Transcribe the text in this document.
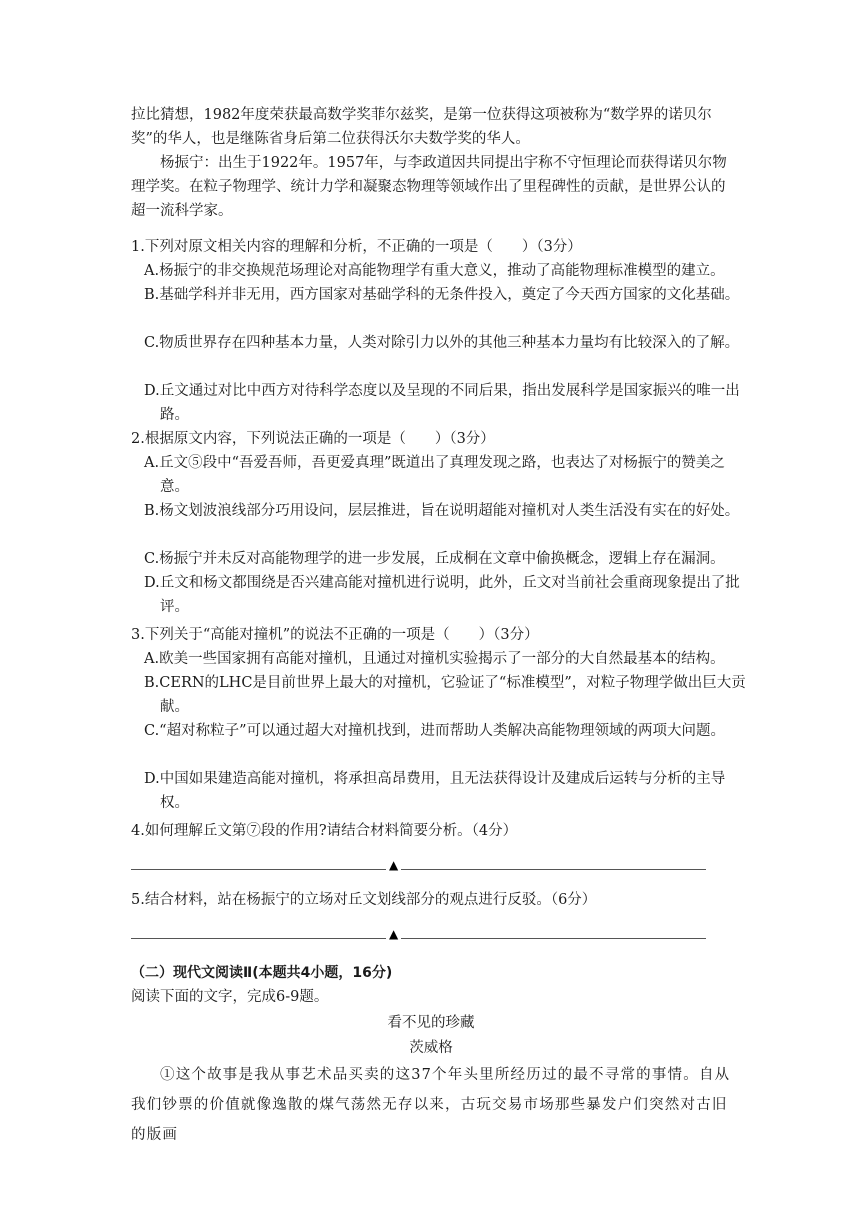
拉比猜想，1982年度荣获最高数学奖菲尔兹奖，是第一位获得这项被称为“数学界的诺贝尔奖”的华人，也是继陈省身后第二位获得沃尔夫数学奖的华人。

杨振宁：出生于1922年。1957年，与李政道因共同提出宇称不守恒理论而获得诺贝尔物理学奖。在粒子物理学、统计力学和凝聚态物理等领域作出了里程碑性的贡献，是世界公认的超一流科学家。

1.下列对原文相关内容的理解和分析，不正确的一项是（　　）（3分）

A.杨振宁的非交换规范场理论对高能物理学有重大意义，推动了高能物理标准模型的建立。

B.基础学科并非无用，西方国家对基础学科的无条件投入，奠定了今天西方国家的文化基础。

C.物质世界存在四种基本力量，人类对除引力以外的其他三种基本力量均有比较深入的了解。

D.丘文通过对比中西方对待科学态度以及呈现的不同后果，指出发展科学是国家振兴的唯一出路。

2.根据原文内容，下列说法正确的一项是（　　）（3分）

A.丘文⑤段中“吾爱吾师，吾更爱真理”既道出了真理发现之路，也表达了对杨振宁的赞美之意。

B.杨文划波浪线部分巧用设问，层层推进，旨在说明超能对撞机对人类生活没有实在的好处。

C.杨振宁并未反对高能物理学的进一步发展，丘成桐在文章中偷换概念，逻辑上存在漏洞。

D.丘文和杨文都围绕是否兴建高能对撞机进行说明，此外，丘文对当前社会重商现象提出了批评。

3.下列关于“高能对撞机”的说法不正确的一项是（　　）（3分）

A.欧美一些国家拥有高能对撞机，且通过对撞机实验揭示了一部分的大自然最基本的结构。

B.CERN的LHC是目前世界上最大的对撞机，它验证了“标准模型”，对粒子物理学做出巨大贡献。

C.“超对称粒子”可以通过超大对撞机找到，进而帮助人类解决高能物理领域的两项大问题。

D.中国如果建造高能对撞机，将承担高昂费用，且无法获得设计及建成后运转与分析的主导权。

4.如何理解丘文第⑦段的作用?请结合材料简要分析。（4分）

▲

5.结合材料，站在杨振宁的立场对丘文划线部分的观点进行反驳。（6分）

▲

（二）现代文阅读Ⅱ(本题共4小题，16分)

阅读下面的文字，完成6-9题。

看不见的珍藏

茨威格

①这个故事是我从事艺术品买卖的这37个年头里所经历过的最不寻常的事情。自从我们钞票的价值就像逸散的煤气荡然无存以来，古玩交易市场那些暴发户们突然对古旧的版画
